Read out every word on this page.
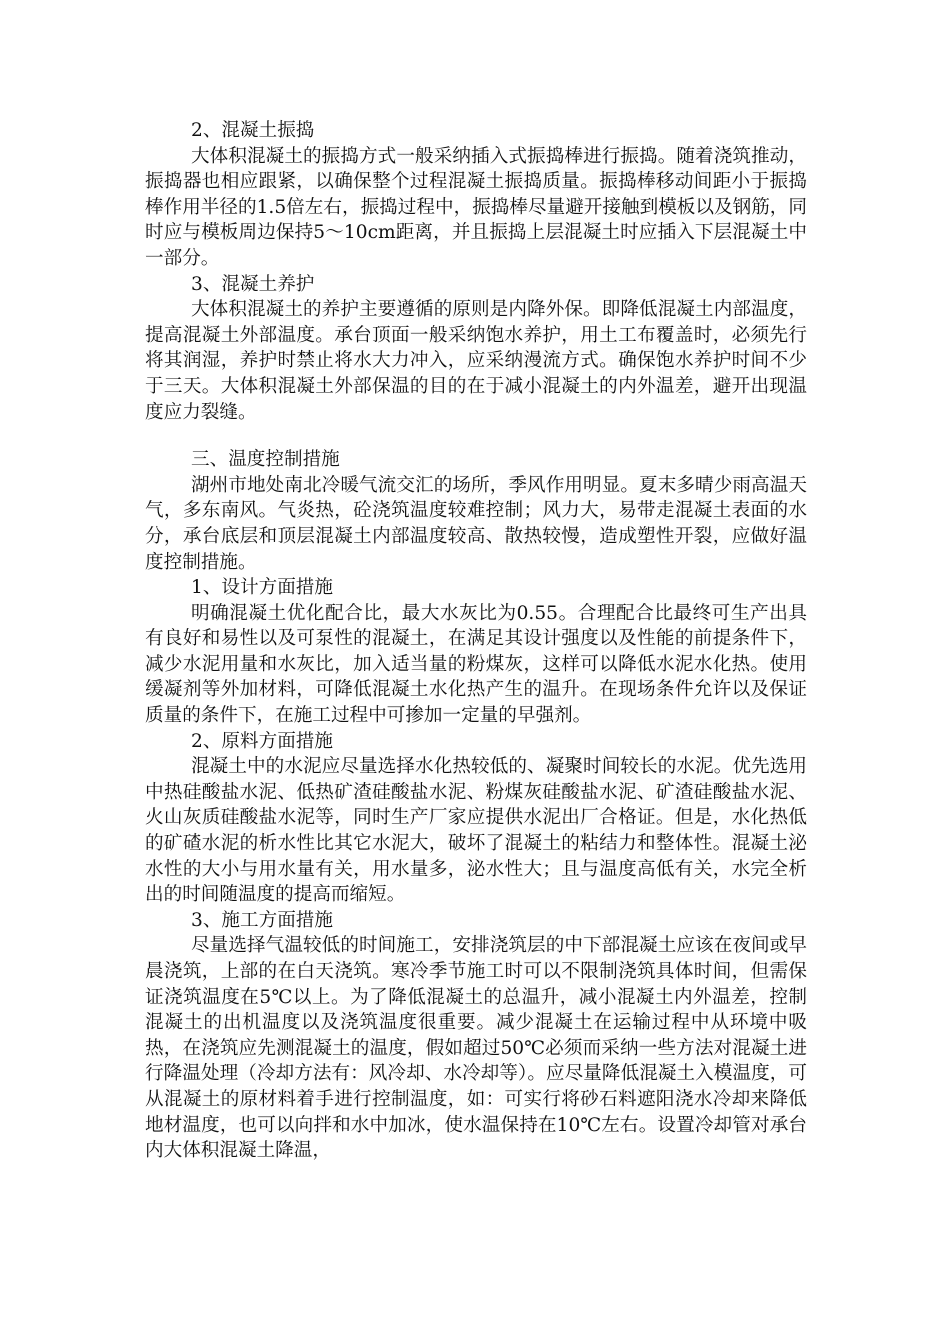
2、混凝土振捣

大体积混凝土的振捣方式一般采纳插入式振捣棒进行振捣。随着浇筑推动，振捣器也相应跟紧，以确保整个过程混凝土振捣质量。振捣棒移动间距小于振捣棒作用半径的1.5倍左右，振捣过程中，振捣棒尽量避开接触到模板以及钢筋，同时应与模板周边保持5～10cm距离，并且振捣上层混凝土时应插入下层混凝土中一部分。

3、混凝土养护

大体积混凝土的养护主要遵循的原则是内降外保。即降低混凝土内部温度，提高混凝土外部温度。承台顶面一般采纳饱水养护，用土工布覆盖时，必须先行将其润湿，养护时禁止将水大力冲入，应采纳漫流方式。确保饱水养护时间不少于三天。大体积混凝土外部保温的目的在于减小混凝土的内外温差，避开出现温度应力裂缝。

三、温度控制措施

湖州市地处南北冷暖气流交汇的场所，季风作用明显。夏末多晴少雨高温天气，多东南风。气炎热，砼浇筑温度较难控制；风力大，易带走混凝土表面的水分，承台底层和顶层混凝土内部温度较高、散热较慢，造成塑性开裂，应做好温度控制措施。

1、设计方面措施

明确混凝土优化配合比，最大水灰比为0.55。合理配合比最终可生产出具有良好和易性以及可泵性的混凝土，在满足其设计强度以及性能的前提条件下，减少水泥用量和水灰比，加入适当量的粉煤灰，这样可以降低水泥水化热。使用缓凝剂等外加材料，可降低混凝土水化热产生的温升。在现场条件允许以及保证质量的条件下，在施工过程中可掺加一定量的早强剂。

2、原料方面措施

混凝土中的水泥应尽量选择水化热较低的、凝聚时间较长的水泥。优先选用中热硅酸盐水泥、低热矿渣硅酸盐水泥、粉煤灰硅酸盐水泥、矿渣硅酸盐水泥、火山灰质硅酸盐水泥等，同时生产厂家应提供水泥出厂合格证。但是，水化热低的矿碴水泥的析水性比其它水泥大，破坏了混凝土的粘结力和整体性。混凝土泌水性的大小与用水量有关，用水量多，泌水性大；且与温度高低有关，水完全析出的时间随温度的提高而缩短。

3、施工方面措施

尽量选择气温较低的时间施工，安排浇筑层的中下部混凝土应该在夜间或早晨浇筑，上部的在白天浇筑。寒冷季节施工时可以不限制浇筑具体时间，但需保证浇筑温度在5℃以上。为了降低混凝土的总温升，减小混凝土内外温差，控制混凝土的出机温度以及浇筑温度很重要。减少混凝土在运输过程中从环境中吸热，在浇筑应先测混凝土的温度，假如超过50℃必须而采纳一些方法对混凝土进行降温处理（冷却方法有：风冷却、水冷却等）。应尽量降低混凝土入模温度，可从混凝土的原材料着手进行控制温度，如：可实行将砂石料遮阳浇水冷却来降低地材温度，也可以向拌和水中加冰，使水温保持在10℃左右。设置冷却管对承台内大体积混凝土降温，
